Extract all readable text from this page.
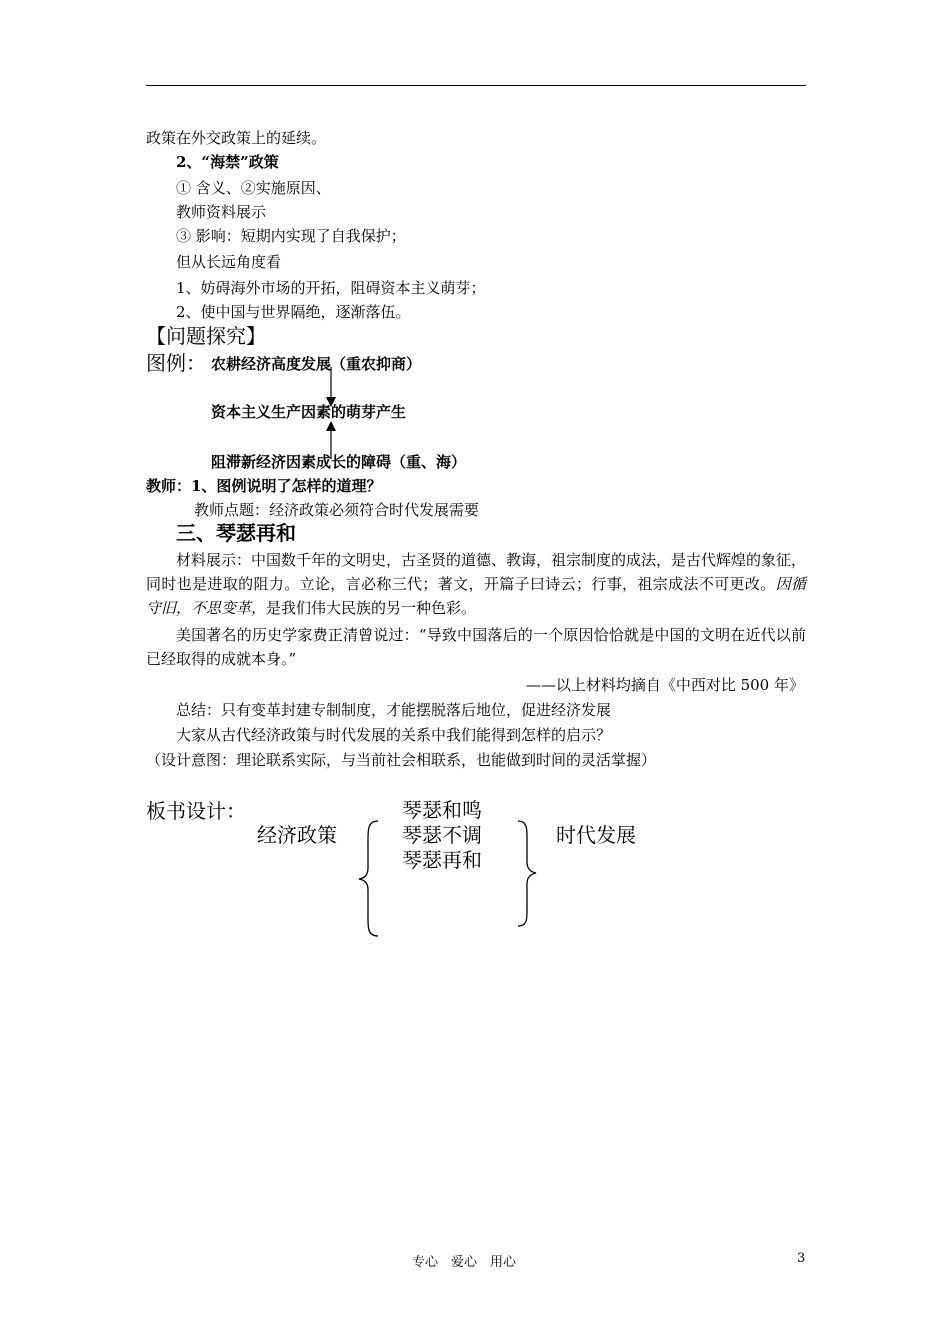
政策在外交政策上的延续。
2、“海禁”政策
① 含义、②实施原因、
教师资料展示
③ 影响：短期内实现了自我保护；
但从长远角度看
1、妨碍海外市场的开拓，阻碍资本主义萌芽；
2、使中国与世界隔绝，逐渐落伍。
【问题探究】
图例： 农耕经济高度发展（重农抑商）
资本主义生产因素的萌芽产生
阻滞新经济因素成长的障碍（重、海）
教师：1、图例说明了怎样的道理？
教师点题：经济政策必须符合时代发展需要
三、琴瑟再和
材料展示：中国数千年的文明史，古圣贤的道德、教诲，祖宗制度的成法，是古代辉煌的象征，同时也是进取的阻力。立论，言必称三代；著文，开篇子曰诗云；行事，祖宗成法不可更改。因循守旧，不思变革，是我们伟大民族的另一种色彩。
美国著名的历史学家费正清曾说过：“导致中国落后的一个原因恰恰就是中国的文明在近代以前已经取得的成就本身。”
——以上材料均摘自《中西对比 500 年》
总结：只有变革封建专制制度，才能摆脱落后地位，促进经济发展
大家从古代经济政策与时代发展的关系中我们能得到怎样的启示？
（设计意图：理论联系实际，与当前社会相联系，也能做到时间的灵活掌握）
板书设计：	琴瑟和鸣
经济政策	琴瑟不调	时代发展
琴瑟再和
专心　爱心　用心	3
